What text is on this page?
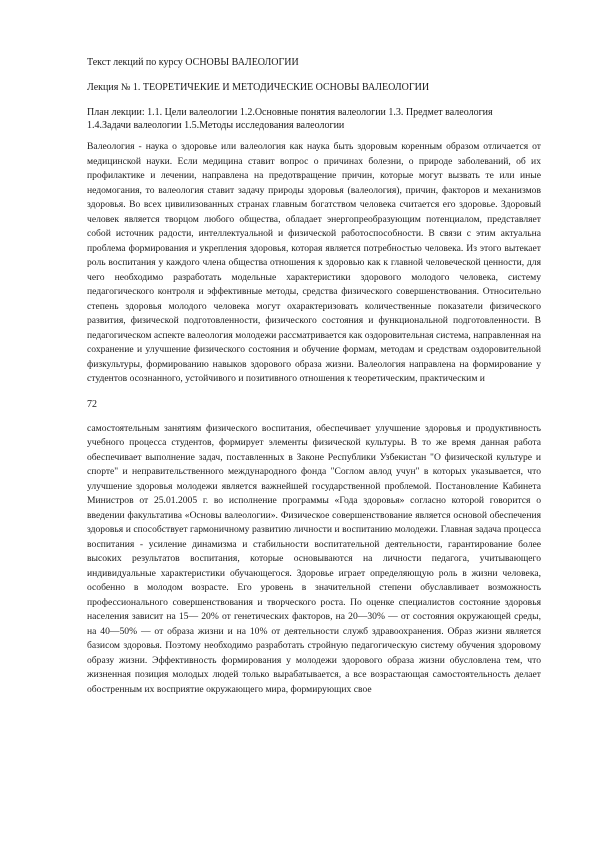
Текст лекций по курсу ОСНОВЫ ВАЛЕОЛОГИИ

Лекция № 1. ТЕОРЕТИЧЕКИЕ И МЕТОДИЧЕСКИЕ ОСНОВЫ ВАЛЕОЛОГИИ

План лекции: 1.1. Цели валеологии 1.2.Основные понятия валеологии 1.3. Предмет валеология

1.4.Задачи валеологии 1.5.Методы исследования валеологии

Валеология - наука о здоровье или валеология как наука быть здоровым коренным образом отличается от медицинской науки. Если медицина ставит вопрос о причинах болезни, о природе заболеваний, об их профилактике и лечении, направлена на предотвращение причин, которые могут вызвать те или иные недомогания, то валеология ставит задачу природы здоровья (валеология), причин, факторов и механизмов здоровья. Во всех цивилизованных странах главным богатством человека считается его здоровье. Здоровый человек является творцом любого общества, обладает энергопреобразующим потенциалом, представляет собой источник радости, интеллектуальной и физической работоспособности. В связи с этим актуальна проблема формирования и укрепления здоровья, которая является потребностью человека. Из этого вытекает роль воспитания у каждого члена общества отношения к здоровью как к главной человеческой ценности, для чего необходимо разработать модельные характеристики здорового молодого человека, систему педагогического контроля и эффективные методы, средства физического совершенствования. Относительно степень здоровья молодого человека могут охарактеризовать количественные показатели физического развития, физической подготовленности, физического состояния и функциональной подготовленности. В педагогическом аспекте валеология молодежи рассматривается как оздоровительная система, направленная на сохранение и улучшение физического состояния и обучение формам, методам и средствам оздоровительной физкультуры, формированию навыков здорового образа жизни. Валеология направлена на формирование у студентов осознанного, устойчивого и позитивного отношения к теоретическим, практическим и

72

самостоятельным занятиям физического воспитания, обеспечивает улучшение здоровья и продуктивность учебного процесса студентов, формирует элементы физической культуры. В то же время данная работа обеспечивает выполнение задач, поставленных в Законе Республики Узбекистан "О физической культуре и спорте" и неправительственного международного фонда "Соглом авлод учун" в которых указывается, что улучшение здоровья молодежи является важнейшей государственной проблемой. Постановление Кабинета Министров от 25.01.2005 г. во исполнение программы «Года здоровья» согласно которой говорится о введении факультатива «Основы валеологии». Физическое совершенствование является основой обеспечения здоровья и способствует гармоничному развитию личности и воспитанию молодежи. Главная задача процесса воспитания - усиление динамизма и стабильности воспитательной деятельности, гарантирование более высоких результатов воспитания, которые основываются на личности педагога, учитывающего индивидуальные характеристики обучающегося. Здоровье играет определяющую роль в жизни человека, особенно в молодом возрасте. Его уровень в значительной степени обуславливает возможность профессионального совершенствования и творческого роста. По оценке специалистов состояние здоровья населения зависит на 15— 20% от генетических факторов, на 20—30% — от состояния окружающей среды, на 40—50% — от образа жизни и на 10% от деятельности служб здравоохранения. Образ жизни является базисом здоровья. Поэтому необходимо разработать стройную педагогическую систему обучения здоровому образу жизни. Эффективность формирования у молодежи здорового образа жизни обусловлена тем, что жизненная позиция молодых людей только вырабатывается, а все возрастающая самостоятельность делает обостренным их восприятие окружающего мира, формирующих свое
